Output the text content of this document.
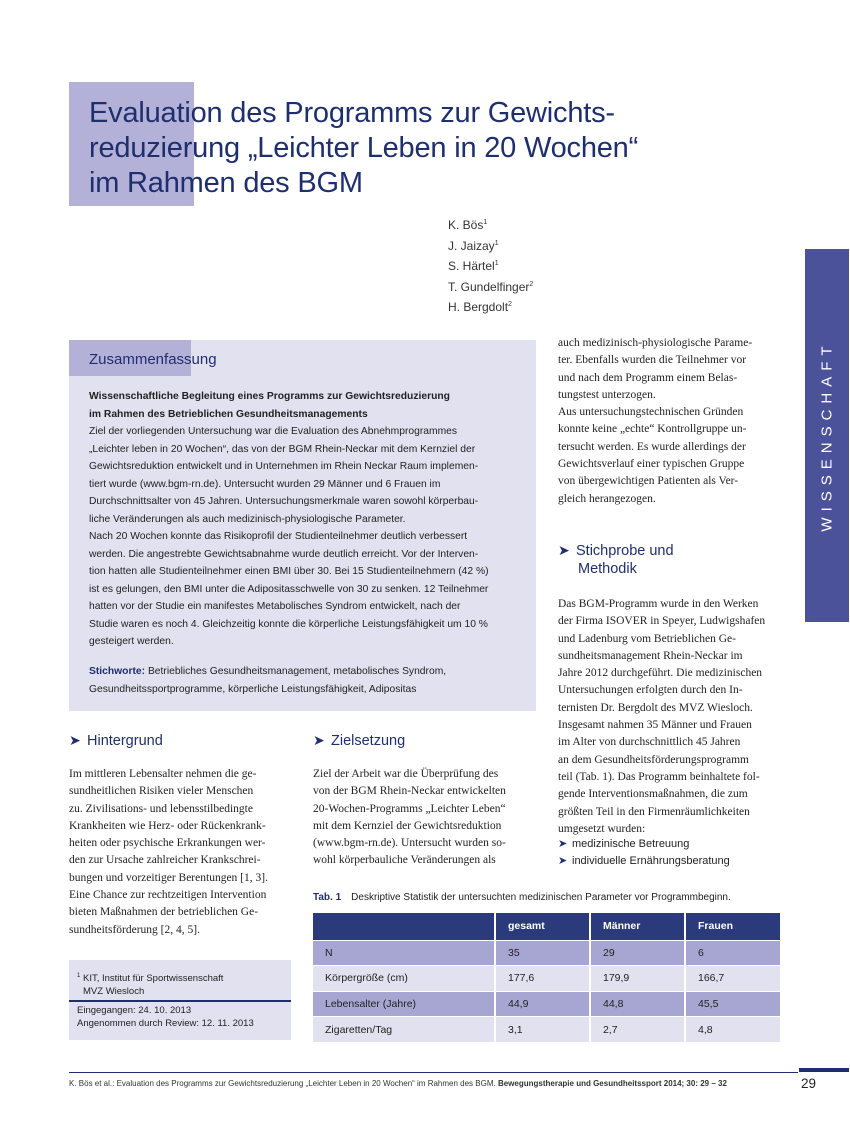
Evaluation des Programms zur Gewichts-
reduzierung „Leichter Leben in 20 Wochen“
im Rahmen des BGM
K. Bös$^1$
J. Jaizay$^1$
S. Härtel$^1$
T. Gundelfinger$^2$
H. Bergdolt$^2$
WISSENSCHAFT
Zusammenfassung
Wissenschaftliche Begleitung eines Programms zur Gewichtsreduzierung
im Rahmen des Betrieblichen Gesundheitsmanagements
Ziel der vorliegenden Untersuchung war die Evaluation des Abnehmprogrammes
„Leichter leben in 20 Wochen“, das von der BGM Rhein-Neckar mit dem Kernziel der
Gewichtsreduktion entwickelt und in Unternehmen im Rhein Neckar Raum implemen-
tiert wurde (www.bgm-rn.de). Untersucht wurden 29 Männer und 6 Frauen im
Durchschnittsalter von 45 Jahren. Untersuchungsmerkmale waren sowohl körperbau-
liche Veränderungen als auch medizinisch-physiologische Parameter.
Nach 20 Wochen konnte das Risikoprofil der Studienteilnehmer deutlich verbessert
werden. Die angestrebte Gewichtsabnahme wurde deutlich erreicht. Vor der Interven-
tion hatten alle Studienteilnehmer einen BMI über 30. Bei 15 Studienteilnehmern (42 %)
ist es gelungen, den BMI unter die Adipositasschwelle von 30 zu senken. 12 Teilnehmer
hatten vor der Studie ein manifestes Metabolisches Syndrom entwickelt, nach der
Studie waren es noch 4. Gleichzeitig konnte die körperliche Leistungsfähigkeit um 10 %
gesteigert werden.
Stichworte: Betriebliches Gesundheitsmanagement, metabolisches Syndrom,
Gesundheitssportprogramme, körperliche Leistungsfähigkeit, Adipositas
auch medizinisch-physiologische Parame-
ter. Ebenfalls wurden die Teilnehmer vor
und nach dem Programm einem Belas-
tungstest unterzogen.
Aus untersuchungstechnischen Gründen
konnte keine „echte“ Kontrollgruppe un-
tersucht werden. Es wurde allerdings der
Gewichtsverlauf einer typischen Gruppe
von übergewichtigen Patienten als Ver-
gleich herangezogen.
➤ Stichprobe und
Methodik
Das BGM-Programm wurde in den Werken
der Firma ISOVER in Speyer, Ludwigshafen
und Ladenburg vom Betrieblichen Ge-
sundheitsmanagement Rhein-Neckar im
Jahre 2012 durchgeführt. Die medizinischen
Untersuchungen erfolgten durch den In-
ternisten Dr. Bergdolt des MVZ Wiesloch.
Insgesamt nahmen 35 Männer und Frauen
im Alter von durchschnittlich 45 Jahren
an dem Gesundheitsförderungsprogramm
teil (Tab. 1). Das Programm beinhaltete fol-
gende Interventionsmaßnahmen, die zum
größten Teil in den Firmenräumlichkeiten
umgesetzt wurden:
➤ medizinische Betreuung
➤ individuelle Ernährungsberatung
➤ Hintergrund
Im mittleren Lebensalter nehmen die ge-
sundheitlichen Risiken vieler Menschen
zu. Zivilisations- und lebensstilbedingte
Krankheiten wie Herz- oder Rückenkrank-
heiten oder psychische Erkrankungen wer-
den zur Ursache zahlreicher Krankschrei-
bungen und vorzeitiger Berentungen [1, 3].
Eine Chance zur rechtzeitigen Intervention
bieten Maßnahmen der betrieblichen Ge-
sundheitsförderung [2, 4, 5].
➤ Zielsetzung
Ziel der Arbeit war die Überprüfung des
von der BGM Rhein-Neckar entwickelten
20-Wochen-Programms „Leichter Leben“
mit dem Kernziel der Gewichtsreduktion
(www.bgm-rn.de). Untersucht wurden so-
wohl körperbauliche Veränderungen als
$^1$ KIT, Institut für Sportwissenschaft
MVZ Wiesloch
Eingegangen: 24. 10. 2013
Angenommen durch Review: 12. 11. 2013
Tab. 1 Deskriptive Statistik der untersuchten medizinischen Parameter vor Programmbeginn.
	gesamt	Männer	Frauen
N	35	29	6
Körpergröße (cm)	177,6	179,9	166,7
Lebensalter (Jahre)	44,9	44,8	45,5
Zigaretten/Tag	3,1	2,7	4,8
K. Bös et al.: Evaluation des Programms zur Gewichtsreduzierung „Leichter Leben in 20 Wochen“ im Rahmen des BGM. Bewegungstherapie und Gesundheitssport 2014; 30: 29 – 32	29
